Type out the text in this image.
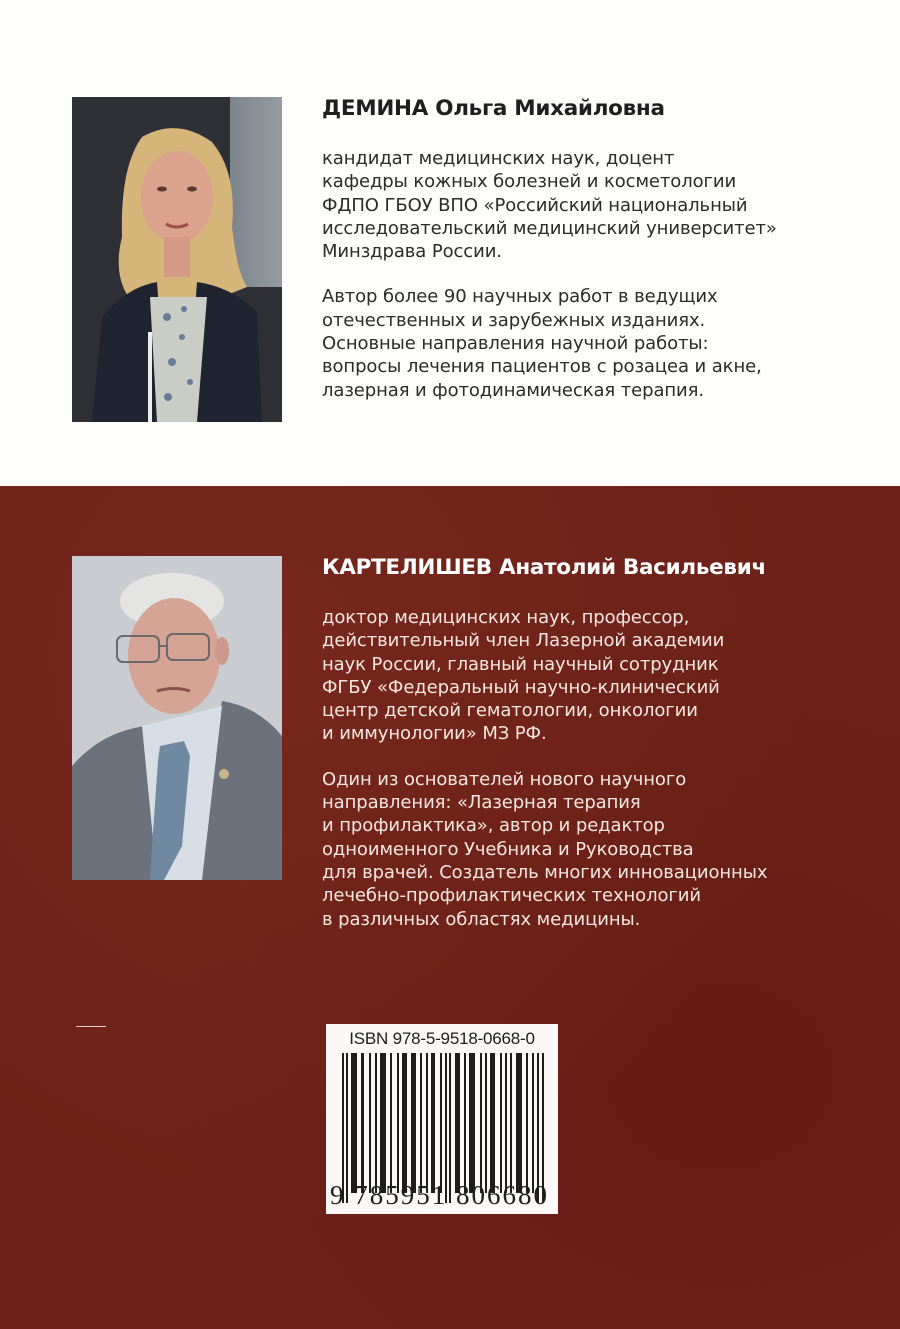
ДЕМИНА Ольга Михайловна
кандидат медицинских наук, доцент
кафедры кожных болезней и косметологии
ФДПО ГБОУ ВПО «Российский национальный
исследовательский медицинский университет»
Минздрава России.
Автор более 90 научных работ в ведущих
отечественных и зарубежных изданиях.
Основные направления научной работы:
вопросы лечения пациентов с розацеа и акне,
лазерная и фотодинамическая терапия.
КАРТЕЛИШЕВ Анатолий Васильевич
доктор медицинских наук, профессор,
действительный член Лазерной академии
наук России, главный научный сотрудник
ФГБУ «Федеральный научно-клинический
центр детской гематологии, онкологии
и иммунологии» МЗ РФ.
Один из основателей нового научного
направления: «Лазерная терапия
и профилактика», автор и редактор
одноименного Учебника и Руководства
для врачей. Создатель многих инновационных
лечебно-профилактических технологий
в различных областях медицины.
ISBN 978-5-9518-0668-0
9 785951 806680
